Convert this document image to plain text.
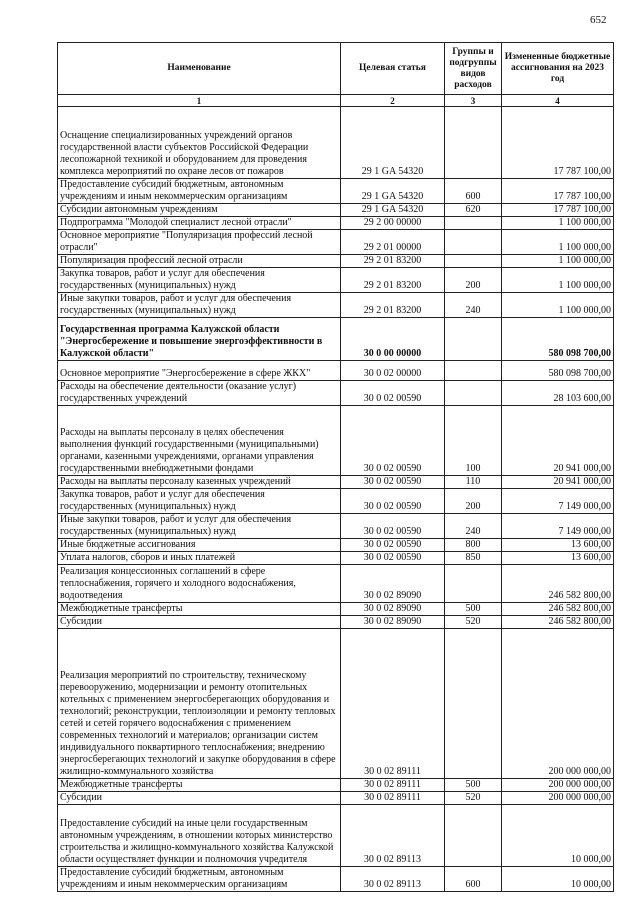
652
Наименование	Целевая статья	Группы и подгруппы видов расходов	Измененные бюджетные ассигнования на 2023 год
1	2	3	4
Оснащение специализированных учреждений органов государственной власти субъектов Российской Федерации лесопожарной техникой и оборудованием для проведения комплекса мероприятий по охране лесов от пожаров	29 1 GA 54320		17 787 100,00
Предоставление субсидий бюджетным, автономным учреждениям и иным некоммерческим организациям	29 1 GA 54320	600	17 787 100,00
Субсидии автономным учреждениям	29 1 GA 54320	620	17 787 100,00
Подпрограмма "Молодой специалист лесной отрасли"	29 2 00 00000		1 100 000,00
Основное мероприятие "Популяризация профессий лесной отрасли"	29 2 01 00000		1 100 000,00
Популяризация профессий лесной отрасли	29 2 01 83200		1 100 000,00
Закупка товаров, работ и услуг для обеспечения государственных (муниципальных) нужд	29 2 01 83200	200	1 100 000,00
Иные закупки товаров, работ и услуг для обеспечения государственных (муниципальных) нужд	29 2 01 83200	240	1 100 000,00
Государственная программа Калужской области "Энергосбережение и повышение энергоэффективности в Калужской области"	30 0 00 00000		580 098 700,00
Основное мероприятие "Энергосбережение в сфере ЖКХ"	30 0 02 00000		580 098 700,00
Расходы на обеспечение деятельности (оказание услуг) государственных учреждений	30 0 02 00590		28 103 600,00
Расходы на выплаты персоналу в целях обеспечения выполнения функций государственными (муниципальными) органами, казенными учреждениями, органами управления государственными внебюджетными фондами	30 0 02 00590	100	20 941 000,00
Расходы на выплаты персоналу казенных учреждений	30 0 02 00590	110	20 941 000,00
Закупка товаров, работ и услуг для обеспечения государственных (муниципальных) нужд	30 0 02 00590	200	7 149 000,00
Иные закупки товаров, работ и услуг для обеспечения государственных (муниципальных) нужд	30 0 02 00590	240	7 149 000,00
Иные бюджетные ассигнования	30 0 02 00590	800	13 600,00
Уплата налогов, сборов и иных платежей	30 0 02 00590	850	13 600,00
Реализация концессионных соглашений в сфере теплоснабжения, горячего и холодного водоснабжения, водоотведения	30 0 02 89090		246 582 800,00
Межбюджетные трансферты	30 0 02 89090	500	246 582 800,00
Субсидии	30 0 02 89090	520	246 582 800,00
Реализация мероприятий по строительству, техническому перевооружению, модернизации и ремонту отопительных котельных с применением энергосберегающих оборудования и технологий; реконструкции, теплоизоляции и ремонту тепловых сетей и сетей горячего водоснабжения с применением современных технологий и материалов; организации систем индивидуального поквартирного теплоснабжения; внедрению энергосберегающих технологий и закупке оборудования в сфере жилищно-коммунального хозяйства	30 0 02 89111		200 000 000,00
Межбюджетные трансферты	30 0 02 89111	500	200 000 000,00
Субсидии	30 0 02 89111	520	200 000 000,00
Предоставление субсидий на иные цели государственным автономным учреждениям, в отношении которых министерство строительства и жилищно-коммунального хозяйства Калужской области осуществляет функции и полномочия учредителя	30 0 02 89113		10 000,00
Предоставление субсидий бюджетным, автономным учреждениям и иным некоммерческим организациям	30 0 02 89113	600	10 000,00
